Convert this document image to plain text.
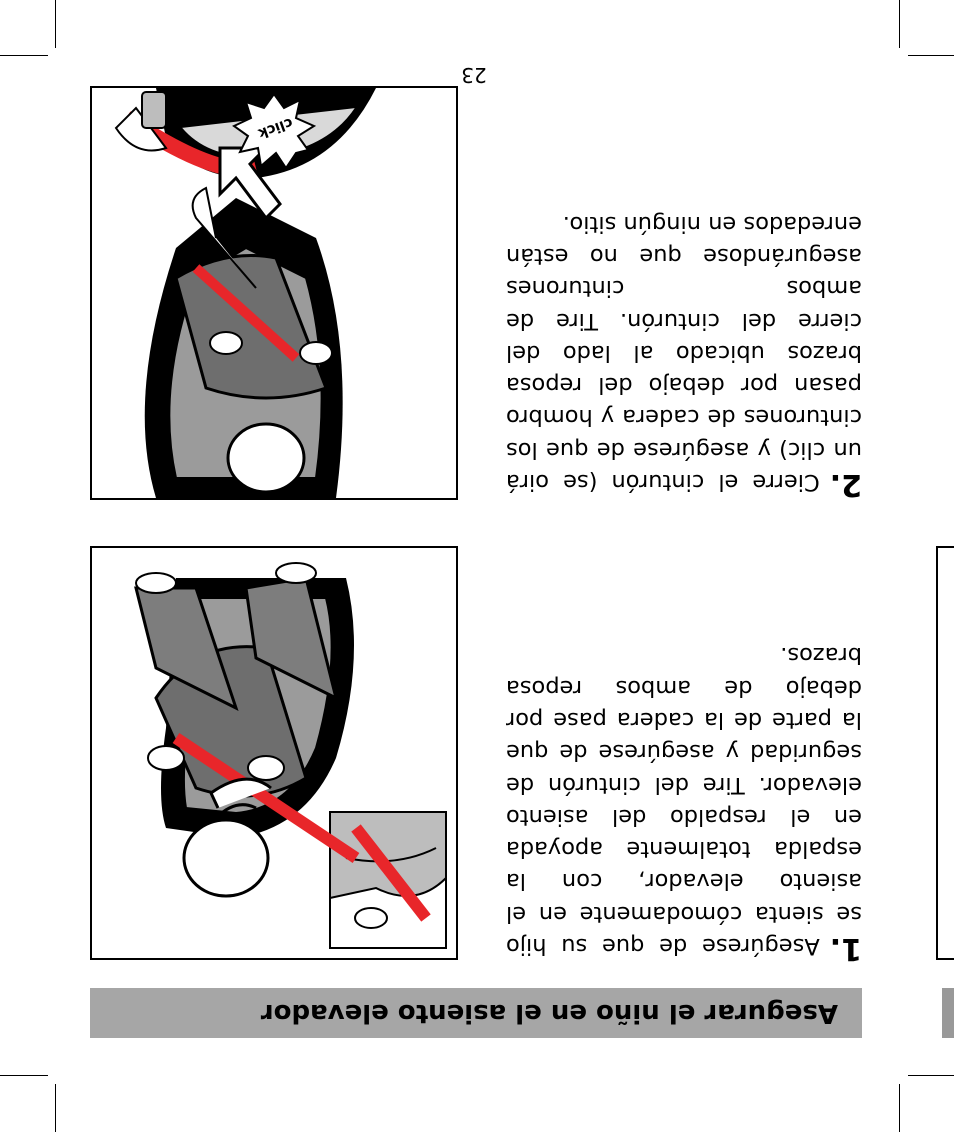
Asegurar el niño en el asiento elevador

1.Asegúrese de que su hijo se sienta cómodamente en el asiento elevador, con la espalda totalmente apoyada en el respaldo del asiento elevador. Tire del cinturón de seguridad y asegúrese de que la parte de la cadera pase por debajo de ambos reposa brazos.

2.Cierre el cinturón (se oirá un clic) y asegúrese de que los cinturones de cadera y hombro pasan por debajo del reposa brazos ubicado al lado del cierre del cinturón. Tire de ambos cinturones asegurándose que no están enredados en ningún sitio.

click
23
